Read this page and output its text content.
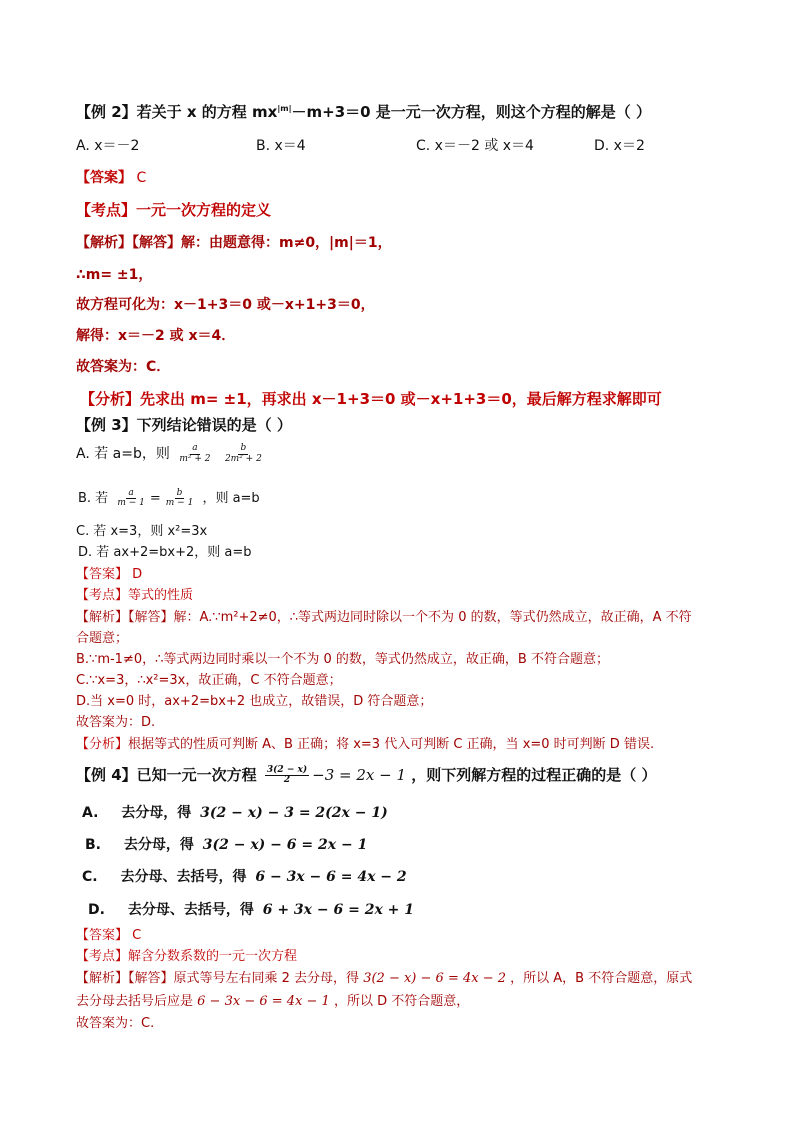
【例 2】若关于 x 的方程 $mx^{|m|}-m+3=0$ 是一元一次方程，则这个方程的解是（ ）
A. x＝－2	B. x＝4	C. x＝－2 或 x＝4	D. x＝2
【答案】 C
【考点】一元一次方程的定义
【解析】【解答】解：由题意得：m≠0，|m|＝1，
∴m= ±1，
故方程可化为：x－1+3＝0 或－x+1+3＝0，
解得：x＝－2 或 x＝4．
故答案为：C．
【分析】先求出 m= ±1，再求出 x－1+3＝0 或－x+1+3＝0，最后解方程求解即可
【例 3】下列结论错误的是（ ）
A. 若 a=b，则 $\frac{a}{\text{m² + 2}}$
$\frac{b}{\text{2m² + 2}}$
B. 若 $\frac{a}{m - 1} = \frac{b}{m - 1}$ ，则 a=b
C. 若 x=3，则 x²=3x
D. 若 ax+2=bx+2，则 a=b
【答案】 D
【考点】等式的性质
【解析】【解答】解：A.∵m²+2≠0，∴等式两边同时除以一个不为 0 的数，等式仍然成立，故正确，A 不符
合题意；
B.∵m-1≠0，∴等式两边同时乘以一个不为 0 的数，等式仍然成立，故正确，B 不符合题意；
C.∵x=3，∴x²=3x，故正确，C 不符合题意；
D.当 x=0 时，ax+2=bx+2 也成立，故错误，D 符合题意；
故答案为：D.
【分析】根据等式的性质可判断 A、B 正确；将 x=3 代入可判断 C 正确，当 x=0 时可判断 D 错误.
【例 4】已知一元一次方程 $\frac{3(2 - x)}{2} -3 = 2x - 1$ ，则下列解方程的过程正确的是（ ）
A. 去分母，得 3(2 − x) − 3 = 2(2x − 1)
B. 去分母，得 3(2 − x) − 6 = 2x − 1
C. 去分母、去括号，得 6 − 3x − 6 = 4x − 2
D. 去分母、去括号，得 6 + 3x − 6 = 2x + 1
【答案】 C
【考点】解含分数系数的一元一次方程
【解析】【解答】原式等号左右同乘 2 去分母，得 3(2 − x) − 6 = 4x − 2 ，所以 A，B 不符合题意，原式
去分母去括号后应是 6 − 3x − 6 = 4x − 1 ，所以 D 不符合题意，
故答案为：C.
